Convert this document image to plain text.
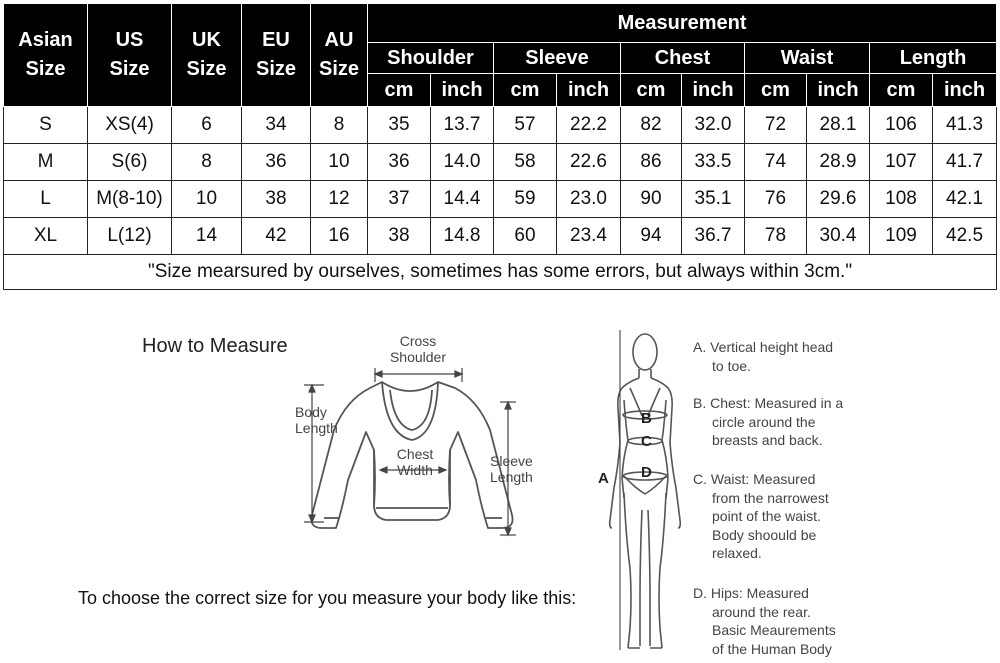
Asian
Size	US
Size	UK
Size	EU
Size	AU
Size	Measurement									
					Shoulder		Sleeve		Chest		Waist		Length	
					cm	inch	cm	inch	cm	inch	cm	inch	cm	inch
S	XS(4)	6	34	8	35	13.7	57	22.2	82	32.0	72	28.1	106	41.3
M	S(6)	8	36	10	36	14.0	58	22.6	86	33.5	74	28.9	107	41.7
L	M(8-10)	10	38	12	37	14.4	59	23.0	90	35.1	76	29.6	108	42.1
XL	L(12)	14	42	16	38	14.8	60	23.4	94	36.7	78	30.4	109	42.5
"Size mearsured by ourselves, sometimes has some errors, but always within 3cm."														
How to Measure
To choose the correct size for you measure your body like this:
Cross
Shoulder
Body
Length
Chest
Width
Sleeve
Length	A
B
C
D
A. Vertical height head
to toe.
B. Chest: Measured in a
circle around the
breasts and back.
C. Waist: Measured
from the narrowest
point of the waist.
Body shoould be
relaxed.
D. Hips: Measured
around the rear.
Basic Meaurements
of the Human Body
